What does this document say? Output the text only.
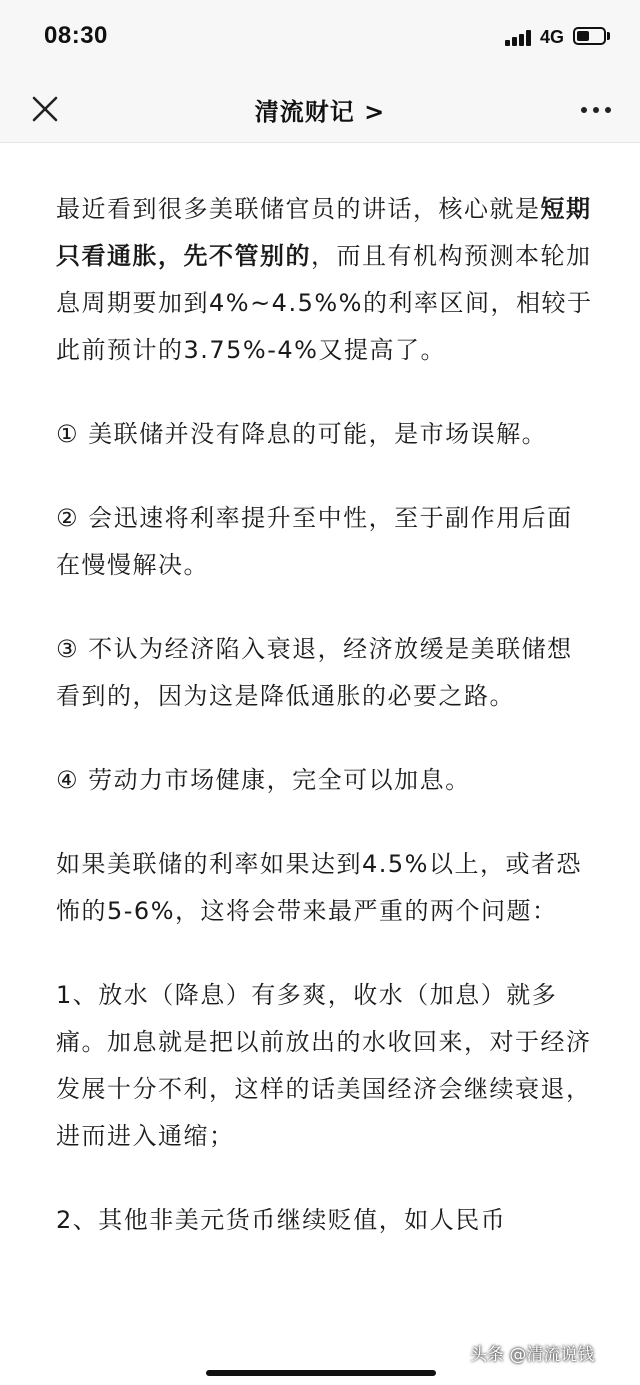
08:30	4G
清流财记 >

最近看到很多美联储官员的讲话，核心就是短期只看通胀，先不管别的，而且有机构预测本轮加息周期要加到4%~4.5%%的利率区间，相较于此前预计的3.75%-4%又提高了。

① 美联储并没有降息的可能，是市场误解。

② 会迅速将利率提升至中性，至于副作用后面在慢慢解决。

③ 不认为经济陷入衰退，经济放缓是美联储想看到的，因为这是降低通胀的必要之路。

④ 劳动力市场健康，完全可以加息。

如果美联储的利率如果达到4.5%以上，或者恐怖的5-6%，这将会带来最严重的两个问题：

1、放水（降息）有多爽，收水（加息）就多痛。加息就是把以前放出的水收回来，对于经济发展十分不利，这样的话美国经济会继续衰退，进而进入通缩；

2、其他非美元货币继续贬值，如人民币

头条 @清流说钱
